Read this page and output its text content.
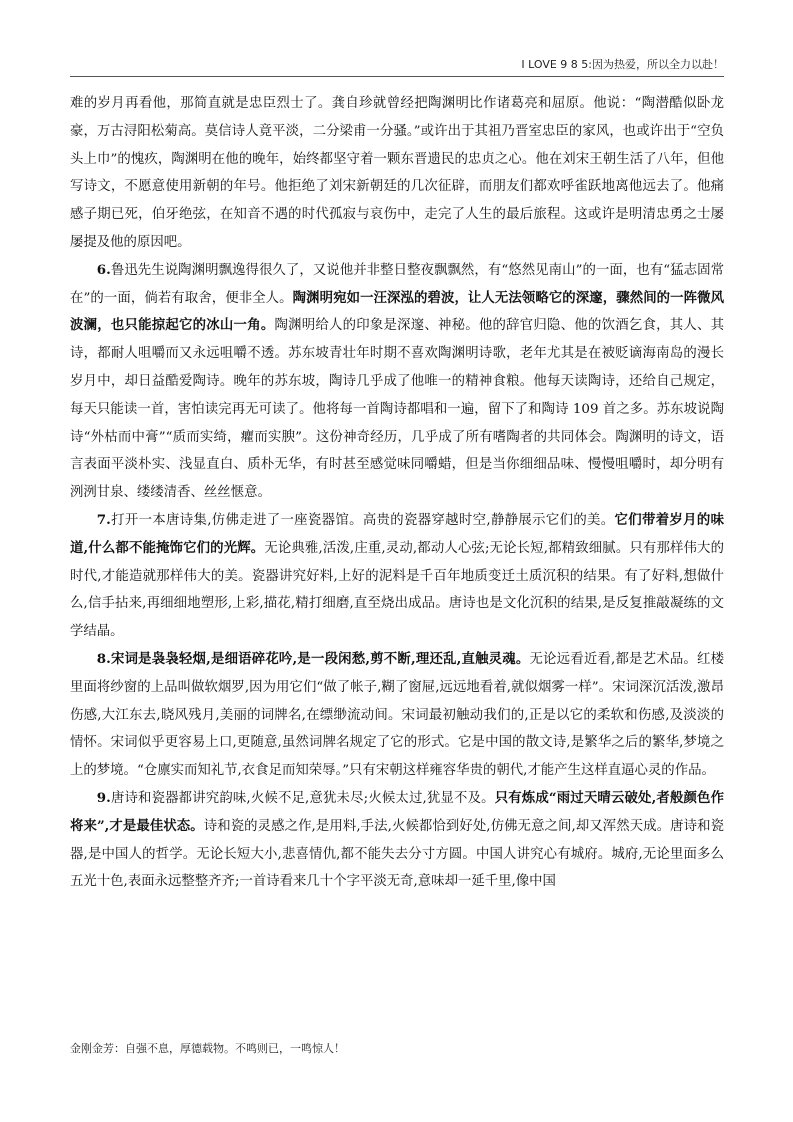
I LOVE 9 8 5:因为热爱，所以全力以赴！

难的岁月再看他，那简直就是忠臣烈士了。龚自珍就曾经把陶渊明比作诸葛亮和屈原。他说：“陶潜酷似卧龙豪，万古浔阳松菊高。莫信诗人竟平淡，二分梁甫一分骚。”或许出于其祖乃晋室忠臣的家风，也或许出于“空负头上巾”的愧疚，陶渊明在他的晚年，始终都坚守着一颗东晋遗民的忠贞之心。他在刘宋王朝生活了八年，但他写诗文，不愿意使用新朝的年号。他拒绝了刘宋新朝廷的几次征辟，而朋友们都欢呼雀跃地离他远去了。他痛感子期已死，伯牙绝弦，在知音不遇的时代孤寂与哀伤中，走完了人生的最后旅程。这或许是明清忠勇之士屡屡提及他的原因吧。

6.鲁迅先生说陶渊明飘逸得很久了，又说他并非整日整夜飘飘然，有“悠然见南山”的一面，也有“猛志固常在”的一面，倘若有取舍，便非全人。陶渊明宛如一汪深泓的碧波，让人无法领略它的深邃，骤然间的一阵微风波澜，也只能掠起它的冰山一角。陶渊明给人的印象是深邃、神秘。他的辞官归隐、他的饮酒乞食，其人、其诗，都耐人咀嚼而又永远咀嚼不透。苏东坡青壮年时期不喜欢陶渊明诗歌，老年尤其是在被贬谪海南岛的漫长岁月中，却日益酷爱陶诗。晚年的苏东坡，陶诗几乎成了他唯一的精神食粮。他每天读陶诗，还给自己规定，每天只能读一首，害怕读完再无可读了。他将每一首陶诗都唱和一遍，留下了和陶诗 109 首之多。苏东坡说陶诗“外枯而中膏”“质而实绮，癯而实腴”。这份神奇经历，几乎成了所有嗜陶者的共同体会。陶渊明的诗文，语言表面平淡朴实、浅显直白、质朴无华，有时甚至感觉味同嚼蜡，但是当你细细品味、慢慢咀嚼时，却分明有洌洌甘泉、缕缕清香、丝丝惬意。

7.打开一本唐诗集,仿佛走进了一座瓷器馆。高贵的瓷器穿越时空,静静展示它们的美。它们带着岁月的味道,什么都不能掩饰它们的光辉。无论典雅,活泼,庄重,灵动,都动人心弦;无论长短,都精致细腻。只有那样伟大的时代,才能造就那样伟大的美。瓷器讲究好料,上好的泥料是千百年地质变迁土质沉积的结果。有了好料,想做什么,信手拈来,再细细地塑形,上彩,描花,精打细磨,直至烧出成品。唐诗也是文化沉积的结果,是反复推敲凝练的文学结晶。

8.宋词是袅袅轻烟,是细语碎花吟,是一段闲愁,剪不断,理还乱,直触灵魂。无论远看近看,都是艺术品。红楼里面将纱窗的上品叫做软烟罗,因为用它们“做了帐子,糊了窗屉,远远地看着,就似烟雾一样”。宋词深沉活泼,激昂伤感,大江东去,晓风残月,美丽的词牌名,在缥缈流动间。宋词最初触动我们的,正是以它的柔软和伤感,及淡淡的情怀。宋词似乎更容易上口,更随意,虽然词牌名规定了它的形式。它是中国的散文诗,是繁华之后的繁华,梦境之上的梦境。“仓廪实而知礼节,衣食足而知荣辱。”只有宋朝这样雍容华贵的朝代,才能产生这样直逼心灵的作品。

9.唐诗和瓷器都讲究韵味,火候不足,意犹未尽;火候太过,犹显不及。只有炼成“雨过天晴云破处,者般颜色作将来”,才是最佳状态。诗和瓷的灵感之作,是用料,手法,火候都恰到好处,仿佛无意之间,却又浑然天成。唐诗和瓷器,是中国人的哲学。无论长短大小,悲喜情仇,都不能失去分寸方圆。中国人讲究心有城府。城府,无论里面多么五光十色,表面永远整整齐齐;一首诗看来几十个字平淡无奇,意味却一延千里,像中国

金刚金芳：自强不息，厚德载物。不鸣则已，一鸣惊人！
